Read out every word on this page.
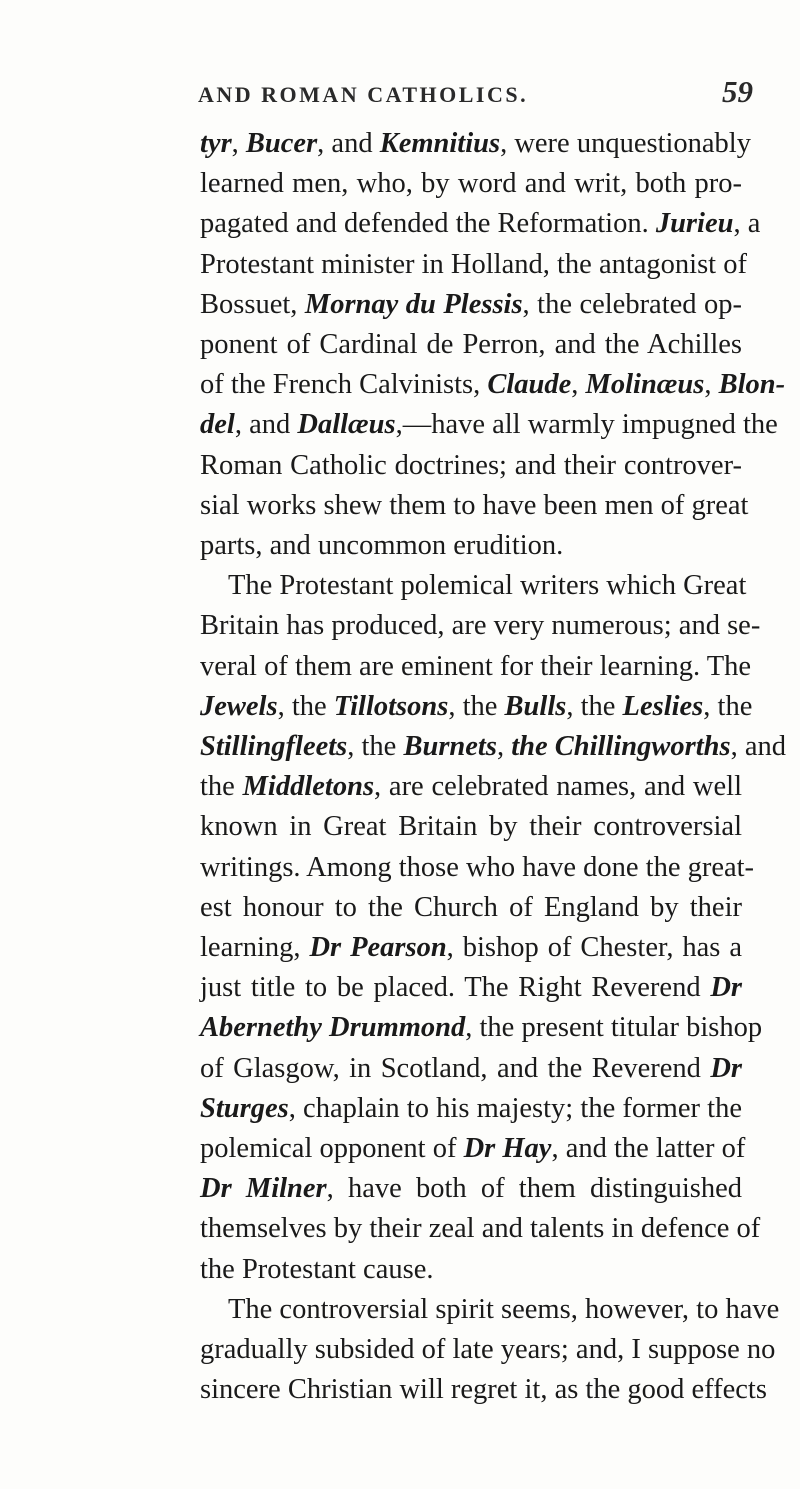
AND ROMAN CATHOLICS.	59
tyr, Bucer, and Kemnitius, were unquestionably
learned men, who, by word and writ, both pro-
pagated and defended the Reformation. Jurieu, a
Protestant minister in Holland, the antagonist of
Bossuet, Mornay du Plessis, the celebrated op-
ponent of Cardinal de Perron, and the Achilles
of the French Calvinists, Claude, Molinæus, Blon-
del, and Dallæus,—have all warmly impugned the
Roman Catholic doctrines; and their controver-
sial works shew them to have been men of great
parts, and uncommon erudition.
The Protestant polemical writers which Great
Britain has produced, are very numerous; and se-
veral of them are eminent for their learning. The
Jewels, the Tillotsons, the Bulls, the Leslies, the
Stillingfleets, the Burnets, the Chillingworths, and
the Middletons, are celebrated names, and well
known in Great Britain by their controversial
writings. Among those who have done the great-
est honour to the Church of England by their
learning, Dr Pearson, bishop of Chester, has a
just title to be placed. The Right Reverend Dr
Abernethy Drummond, the present titular bishop
of Glasgow, in Scotland, and the Reverend Dr
Sturges, chaplain to his majesty; the former the
polemical opponent of Dr Hay, and the latter of
Dr Milner, have both of them distinguished
themselves by their zeal and talents in defence of
the Protestant cause.
The controversial spirit seems, however, to have
gradually subsided of late years; and, I suppose no
sincere Christian will regret it, as the good effects
